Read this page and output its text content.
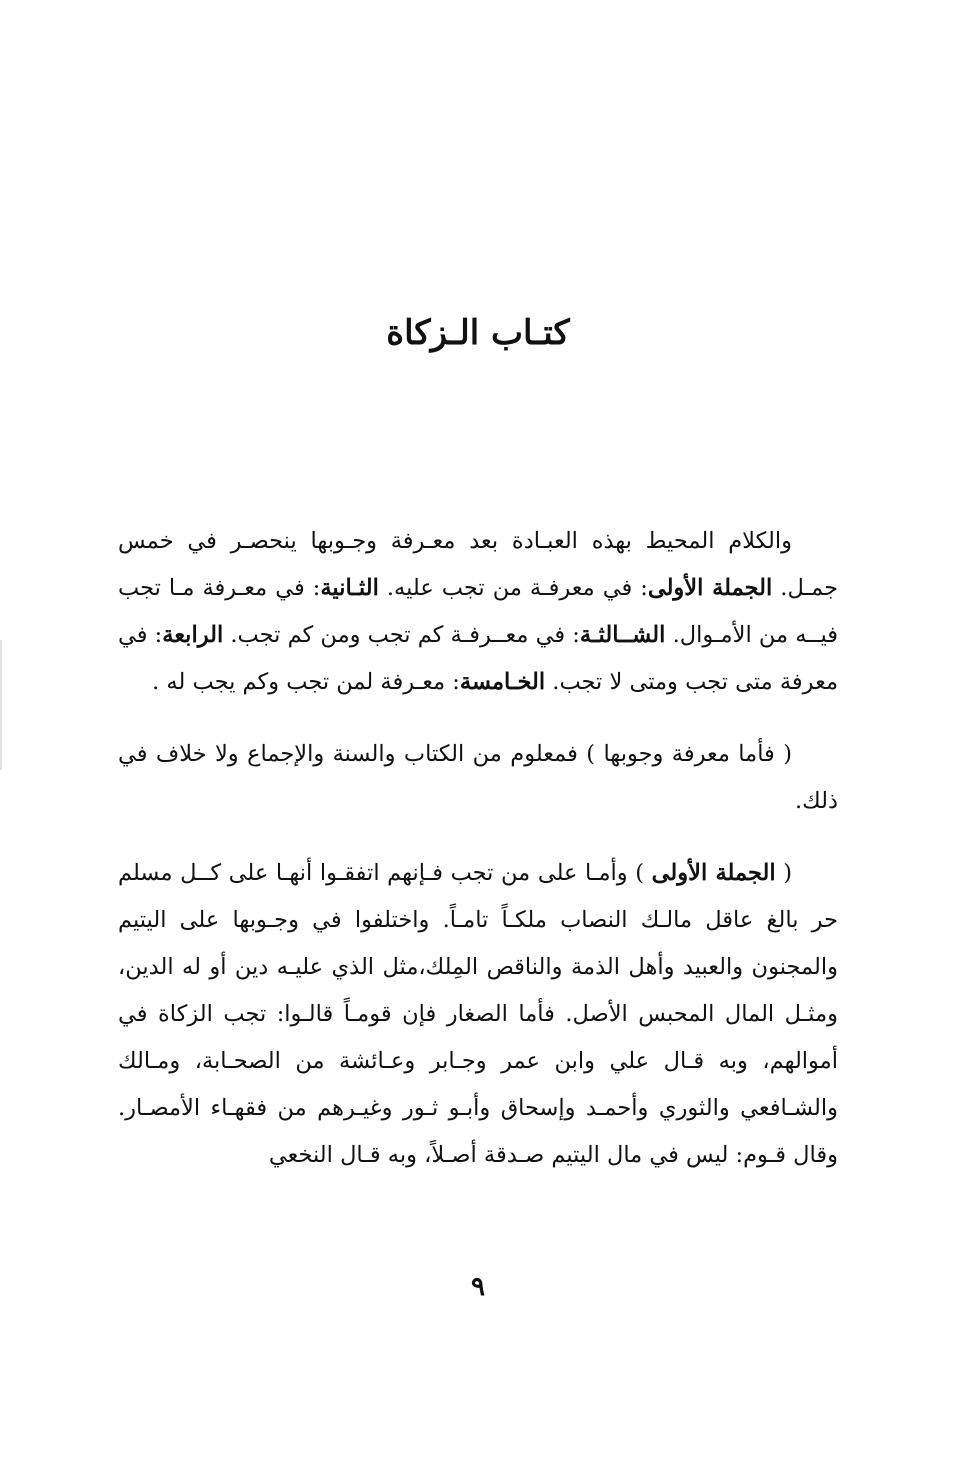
كتـاب الـزكاة

والكلام المحيط بهذه العبـادة بعد معـرفة وجـوبها ينحصـر في خمس جمـل. الجملة الأولى: في معرفـة من تجب عليه. الثـانية: في معـرفة مـا تجب فيــه من الأمـوال. الشــالثـة: في معــرفـة كم تجب ومن كم تجب. الرابعة: في معرفة متى تجب ومتى لا تجب. الخـامسة: معـرفة لمن تجب وكم يجب له .

( فأما معرفة وجوبها ) فمعلوم من الكتاب والسنة والإجماع ولا خلاف في ذلك.

( الجملة الأولى ) وأمـا على من تجب فـإنهم اتفقـوا أنهـا على كــل مسلم حر بالغ عاقل مالـك النصاب ملكـاً تامـاً. واختلفوا في وجـوبها على اليتيم والمجنون والعبيد وأهل الذمة والناقص المِلك،مثل الذي عليـه دين أو له الدين، ومثـل المال المحبس الأصل. فأما الصغار فإن قومـاً قالـوا: تجب الزكاة في أموالهم، وبه قـال علي وابن عمر وجـابر وعـائشة من الصحـابة، ومـالك والشـافعي والثوري وأحمـد وإسحاق وأبـو ثـور وغيـرهم من فقهـاء الأمصـار. وقال قـوم: ليس في مال اليتيم صـدقة أصـلاً، وبه قـال النخعي

٩
